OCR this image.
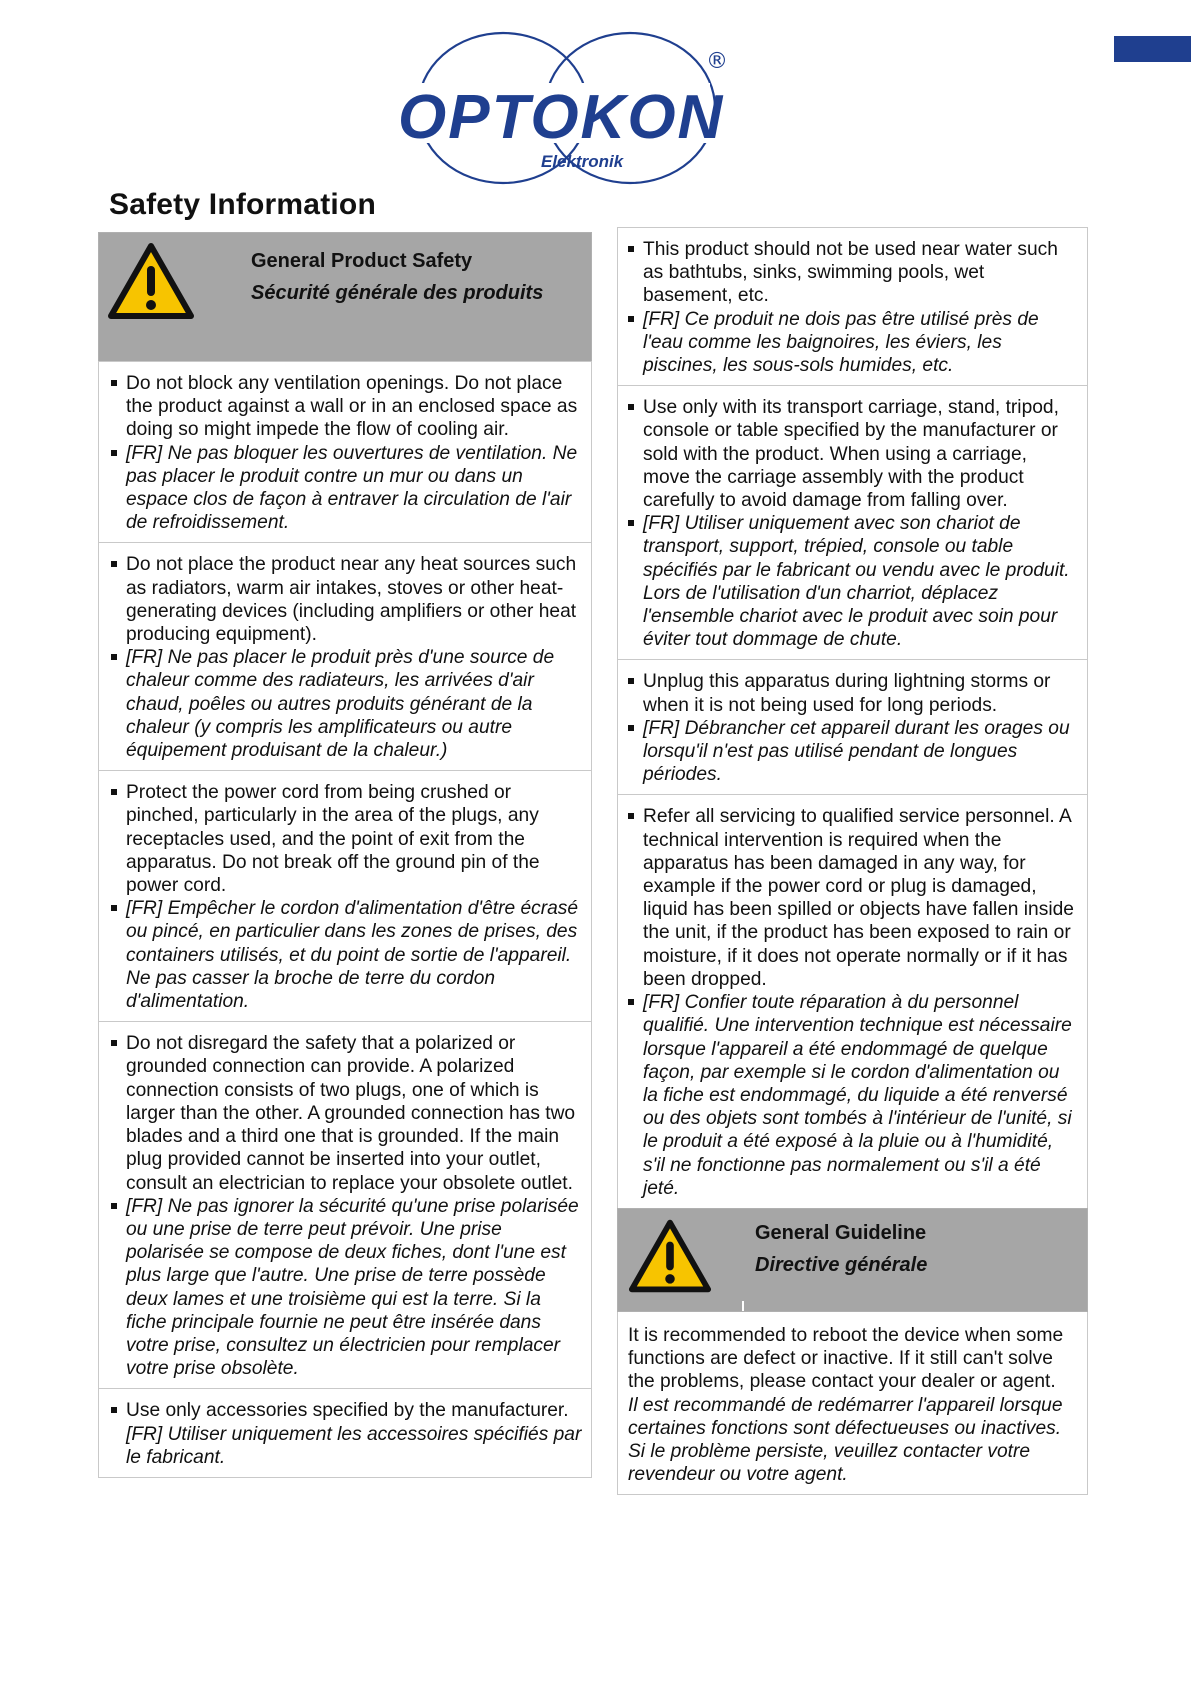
OPTOKON
Elektronik
®
Safety Information
General Product Safety
Sécurité générale des produits

Do not block any ventilation openings. Do not place the product against a wall or in an enclosed space as doing so might impede the flow of cooling air.

[FR] Ne pas bloquer les ouvertures de ventilation. Ne pas placer le produit contre un mur ou dans un espace clos de façon à entraver la circulation de l'air de refroidissement.

Do not place the product near any heat sources such as radiators, warm air intakes, stoves or other heat-generating devices (including amplifiers or other heat producing equipment).

[FR] Ne pas placer le produit près d'une source de chaleur comme des radiateurs, les arrivées d'air chaud, poêles ou autres produits générant de la chaleur (y compris les amplificateurs ou autre équipement produisant de la chaleur.)

Protect the power cord from being crushed or pinched, particularly in the area of the plugs, any receptacles used, and the point of exit from the apparatus. Do not break off the ground pin of the power cord.

[FR] Empêcher le cordon d'alimentation d'être écrasé ou pincé, en particulier dans les zones de prises, des containers utilisés, et du point de sortie de l'appareil. Ne pas casser la broche de terre du cordon d'alimentation.

Do not disregard the safety that a polarized or grounded connection can provide. A polarized connection consists of two plugs, one of which is larger than the other. A grounded connection has two blades and a third one that is grounded. If the main plug provided cannot be inserted into your outlet, consult an electrician to replace your obsolete outlet.

[FR] Ne pas ignorer la sécurité qu'une prise polarisée ou une prise de terre peut prévoir. Une prise polarisée se compose de deux fiches, dont l'une est plus large que l'autre. Une prise de terre possède deux lames et une troisième qui est la terre. Si la fiche principale fournie ne peut être insérée dans votre prise, consultez un électricien pour remplacer votre prise obsolète.

Use only accessories specified by the manufacturer.

[FR] Utiliser uniquement les accessoires spécifiés par le fabricant.

This product should not be used near water such as bathtubs, sinks, swimming pools, wet basement, etc.

[FR] Ce produit ne dois pas être utilisé près de l'eau comme les baignoires, les éviers, les piscines, les sous-sols humides, etc.

Use only with its transport carriage, stand, tripod, console or table specified by the manufacturer or sold with the product. When using a carriage, move the carriage assembly with the product carefully to avoid damage from falling over.

[FR] Utiliser uniquement avec son chariot de transport, support, trépied, console ou table spécifiés par le fabricant ou vendu avec le produit. Lors de l'utilisation d'un charriot, déplacez l'ensemble chariot avec le produit avec soin pour éviter tout dommage de chute.

Unplug this apparatus during lightning storms or when it is not being used for long periods.

[FR] Débrancher cet appareil durant les orages ou lorsqu'il n'est pas utilisé pendant de longues périodes.

Refer all servicing to qualified service personnel. A technical intervention is required when the apparatus has been damaged in any way, for example if the power cord or plug is damaged, liquid has been spilled or objects have fallen inside the unit, if the product has been exposed to rain or moisture, if it does not operate normally or if it has been dropped.

[FR] Confier toute réparation à du personnel qualifié. Une intervention technique est nécessaire lorsque l'appareil a été endommagé de quelque façon, par exemple si le cordon d'alimentation ou la fiche est endommagé, du liquide a été renversé ou des objets sont tombés à l'intérieur de l'unité, si le produit a été exposé à la pluie ou à l'humidité, s'il ne fonctionne pas normalement ou s'il a été jeté.

General Guideline
Directive générale

It is recommended to reboot the device when some functions are defect or inactive. If it still can't solve the problems, please contact your dealer or agent.

Il est recommandé de redémarrer l'appareil lorsque certaines fonctions sont défectueuses ou inactives. Si le problème persiste, veuillez contacter votre revendeur ou votre agent.
